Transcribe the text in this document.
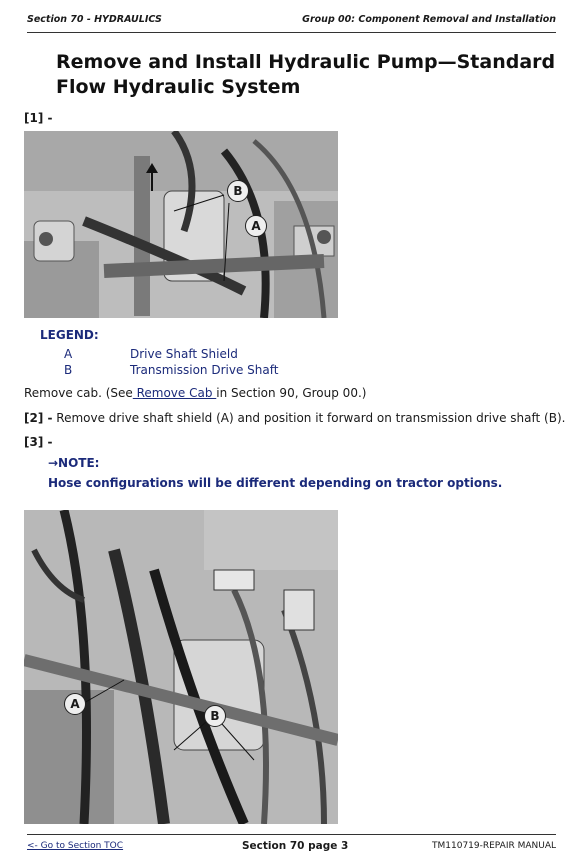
Section 70 - HYDRAULICS	Group 00: Component Removal and Installation
Remove and Install Hydraulic Pump—Standard Flow Hydraulic System
[1] -
B
A
LEGEND:
A	Drive Shaft Shield
B	Transmission Drive Shaft
Remove cab. (See Remove Cab in Section 90, Group 00.)
[2] - Remove drive shaft shield (A) and position it forward on transmission drive shaft (B).
[3] -
→NOTE:
Hose configurations will be different depending on tractor options.
A
B
<- Go to Section TOC	Section 70 page 3	TM110719-REPAIR MANUAL
